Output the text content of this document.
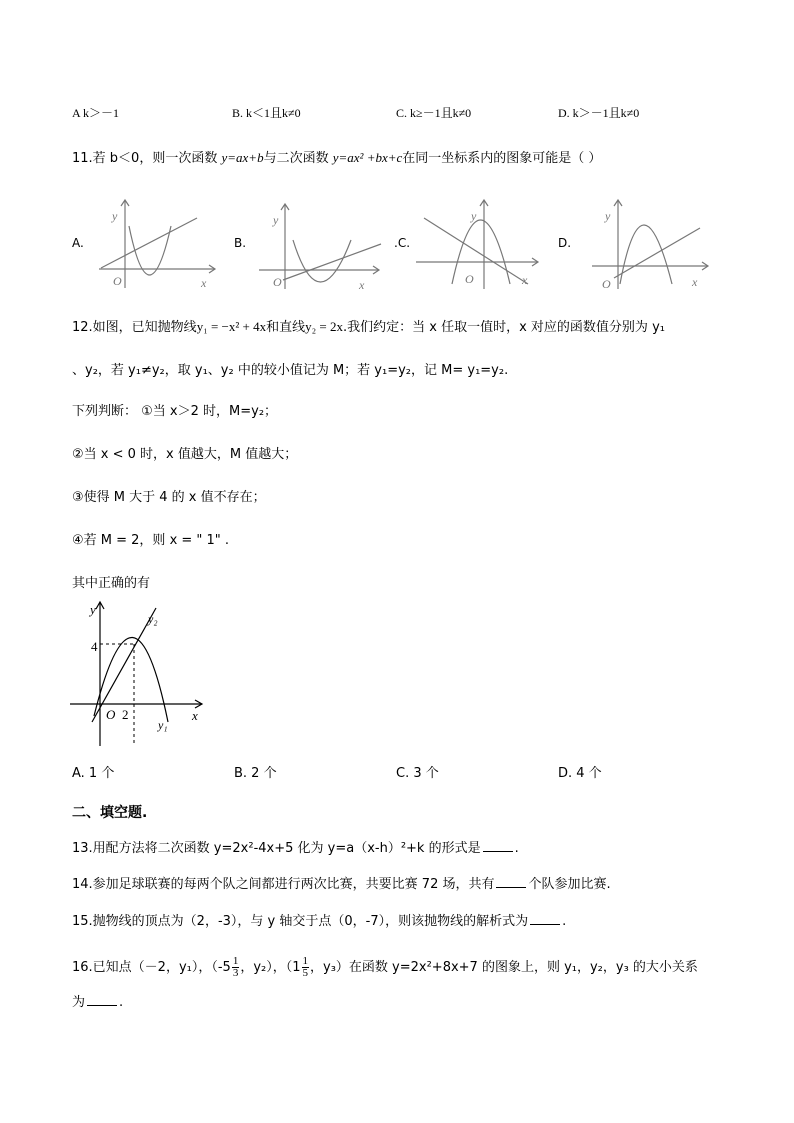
A k＞－1	B. k＜1且k≠0	C. k≥－1且k≠0	D. k＞－1且k≠0
11.若 b＜0，则一次函数 y=ax+b与二次函数 y=ax² +bx+c在同一坐标系内的图象可能是（ ）
A.	B.	.C.	D.
y
O	x
y
O	x
y
O	x
y
O	x
12.如图，已知抛物线y₁ = −x² + 4x和直线y₂ = 2x.我们约定：当 x 任取一值时，x 对应的函数值分别为 y₁
、y₂，若 y₁≠y₂，取 y₁、y₂ 中的较小值记为 M；若 y₁=y₂，记 M= y₁=y₂.
下列判断： ①当 x＞2 时，M=y₂；
②当 x < 0 时，x 值越大，M 值越大；
③使得 M 大于 4 的 x 值不存在；
④若 M = 2，则 x = " 1" .
其中正确的有
y
x
O 2
4
y₂
y₁
A. 1 个	B. 2 个	C. 3 个	D. 4 个
二、填空题.
13.用配方法将二次函数 y=2x²-4x+5 化为 y=a（x-h）²+k 的形式是	.
14.参加足球联赛的每两个队之间都进行两次比赛，共要比赛 72 场，共有	个队参加比赛.
15.抛物线的顶点为（2，-3），与 y 轴交于点（0，-7），则该抛物线的解析式为	.
16.已知点（－2，y₁），（$-5 \frac{1}{3}$ ，y₂），（$1 \frac{1}{5}$ ，y₃）在函数 y=2x²+8x+7 的图象上，则 y₁，y₂，y₃ 的大小关系
为	.
